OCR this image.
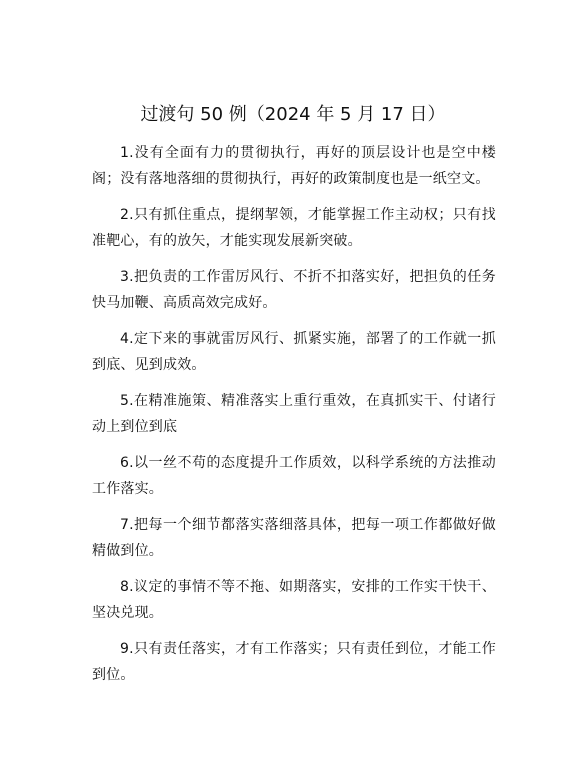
过渡句 50 例（2024 年 5 月 17 日）

1.没有全面有力的贯彻执行，再好的顶层设计也是空中楼阁；没有落地落细的贯彻执行，再好的政策制度也是一纸空文。

2.只有抓住重点，提纲挈领，才能掌握工作主动权；只有找准靶心，有的放矢，才能实现发展新突破。

3.把负责的工作雷厉风行、不折不扣落实好，把担负的任务快马加鞭、高质高效完成好。

4.定下来的事就雷厉风行、抓紧实施，部署了的工作就一抓到底、见到成效。

5.在精准施策、精准落实上重行重效，在真抓实干、付诸行动上到位到底

6.以一丝不苟的态度提升工作质效，以科学系统的方法推动工作落实。

7.把每一个细节都落实落细落具体，把每一项工作都做好做精做到位。

8.议定的事情不等不拖、如期落实，安排的工作实干快干、坚决兑现。

9.只有责任落实，才有工作落实；只有责任到位，才能工作到位。
